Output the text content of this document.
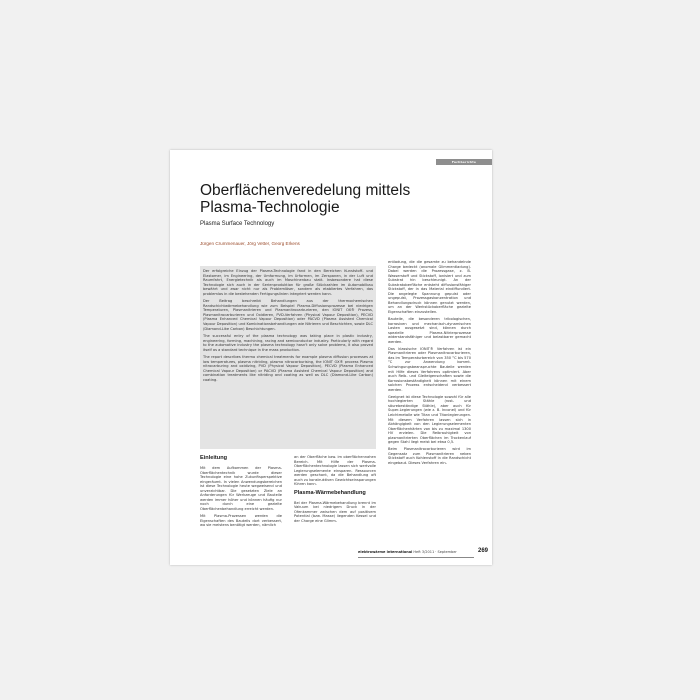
Fachberichte
Oberflächenveredelung mittels
Plasma-Technologie
Plasma Surface Technology
Jürgen Crummenauer, Jörg Vetter, Georg Erkens

Der erfolgreiche Einzug der Plasma-Technologie fand in den Bereichen Kunststoff- und Elastomer, im Engineering, der Umformung, im Urformen, im Zerspanen, in der Luft und Raumfahrt, Energietechnik als auch im Maschinenbau statt. Insbesondere hat diese Technologie sich auch in der Serienproduktion für große Stückzahlen im Automobilbau bewährt und zwar nicht nur als Problemlöser, sondern als etabliertes Verfahren, das problemlos in die bestehenden Fertigungslinien integriert werden kann.

Der Beitrag beschreibt Behandlungen aus der thermochemischen Randschichtwärmebehandlung wie zum Beispiel Plasma-Diffusionsprozesse bei niedrigen Temperaturen, Plasmanitrieren und Plasmanitrocarburieren, den IONIT OX® Prozess, Plasmanitrocarburieren und Oxidieren, PVD-Verfahren (Physical Vapour Deposition), PECVD (Plasma Enhanced Chemical Vapour Deposition) oder PACVD (Plasma Assisted Chemical Vapour Deposition) und Kombinationsbehandlungen wie Nitrieren und Beschichten, sowie DLC (Diamond-Like Carbon) Beschichtungen.

The successful entry of the plasma technology was taking place in plastic industry, engineering, forming, machining, racing and semiconductor industry. Particularly with regard to the automotive industry the plasma technology hasn't only solve problems, it also proved itself as a standard technique in the mass production.

The report describes thermo chemical treatments for example plasma diffusion processes at low temperatures, plasma nitriding, plasma nitrocarburising, the IONIT OX® process Plasma nitrocarburing and oxidizing, PVD (Physical Vapour Deposition), PECVD (Plasma Enhanced Chemical Vapour Deposition) or PACVD (Plasma Assisted Chemical Vapour Deposition) and combination treatments like nitriding and coating as well as DLC (Diamond-Like Carbon) coating.

Einleitung

Mit dem Aufkommen der Plasma-Oberflächentechnik wurde dieser Technologie eine hohe Zukunftsperspektive eingeräumt. In vielen Anwendungsbereichen ist diese Technologie heute wegweisend und unverzichtbar. Die gesetzten Ziele an Anforderungen für Werkzeuge und Bauteile werden immer höher und können häufig nur noch durch eine gezielte Oberflächenbehandlung erreicht werden.

Mit Plasma-Prozessen werden die Eigenschaften des Bauteils dort verbessert, wo sie meistens benötigt werden, nämlich

an der Oberfläche bzw. im oberflächennahen Bereich. Mit Hilfe der Plasma-Oberflächentechnologie lassen sich wertvolle Legierungselemente einsparen. Ressourcen werden geschont, da die Behandlung oft auch zu konstruktiven Gewichtseinsparungen führen kann.

Plasma-Wärmebehandlung

Bei der Plasma-Wärmebehandlung brennt im Vakuum bei niedrigem Druck in der Ofenkammer zwischen dem auf positivem Potential (bzw. Masse) liegenden Kessel und der Charge eine Glimm-

entladung, die die gesamte zu behandelnde Charge bedeckt (anomale Glimmentladung). Dabei werden die Prozessgase, z. B. Wasserstoff und Stickstoff, ionisiert und zum Substrat hin beschleunigt. An der Substratoberfläche entsteht diffusionsfähiger Stickstoff, der in das Material eindiffundiert. Die angelegte Spannung gepulst oder ungepulst, Prozessgaskonzentration und Behandlungsdruck können genutzt werden, um an der Werkstückoberfläche gezielte Eigenschaften einzustellen.

Bauteile, die besonderen tribologischen, korrosiven und mechanisch-dynamischen Lasten ausgesetzt sind, können durch spezielle Plasma-Nitrierprozesse widerstandsfähiger und belastbarer gemacht werden.

Das klassische IONIT® Verfahren ist ein Plasmanitrieren oder Plasmanitrocarburieren, das im Temperaturbereich von 350 °C bis 570 °C zur Anwendung kommt. Schwingungsbeanspruchte Bauteile werden mit Hilfe dieses Verfahrens optimiert. Aber auch Reib- und Gleiteigenschaften sowie die Korrosionsbeständigkeit können mit einem solchen Prozess entscheidend verbessert werden.

Geeignet ist diese Technologie sowohl für alle hochlegierten Stähle (rost- und säurebeständige Stähle), aber auch für Super-Legierungen (wie z. B. Inconel) und für Leichtmetalle wie Titan und Titanlegierungen. Mit diesem Verfahren lassen sich in Abhängigkeit von den Legierungselementen Oberflächenhärten von bis zu maximal 1300 HV erzielen. Die Reibrauhigkeit von plasmanitrierten Oberflächen im Trockenlauf gegen Stahl liegt meist bei etwa 0,5.

Beim Plasmanitrocarburieren wird im Gegensatz zum Plasmanitrieren neben Stickstoff auch Kohlenstoff in die Randschicht eingebaut. Dieses Verfahren ein-

elektrowärme international Heft 3/2011 · September	269
